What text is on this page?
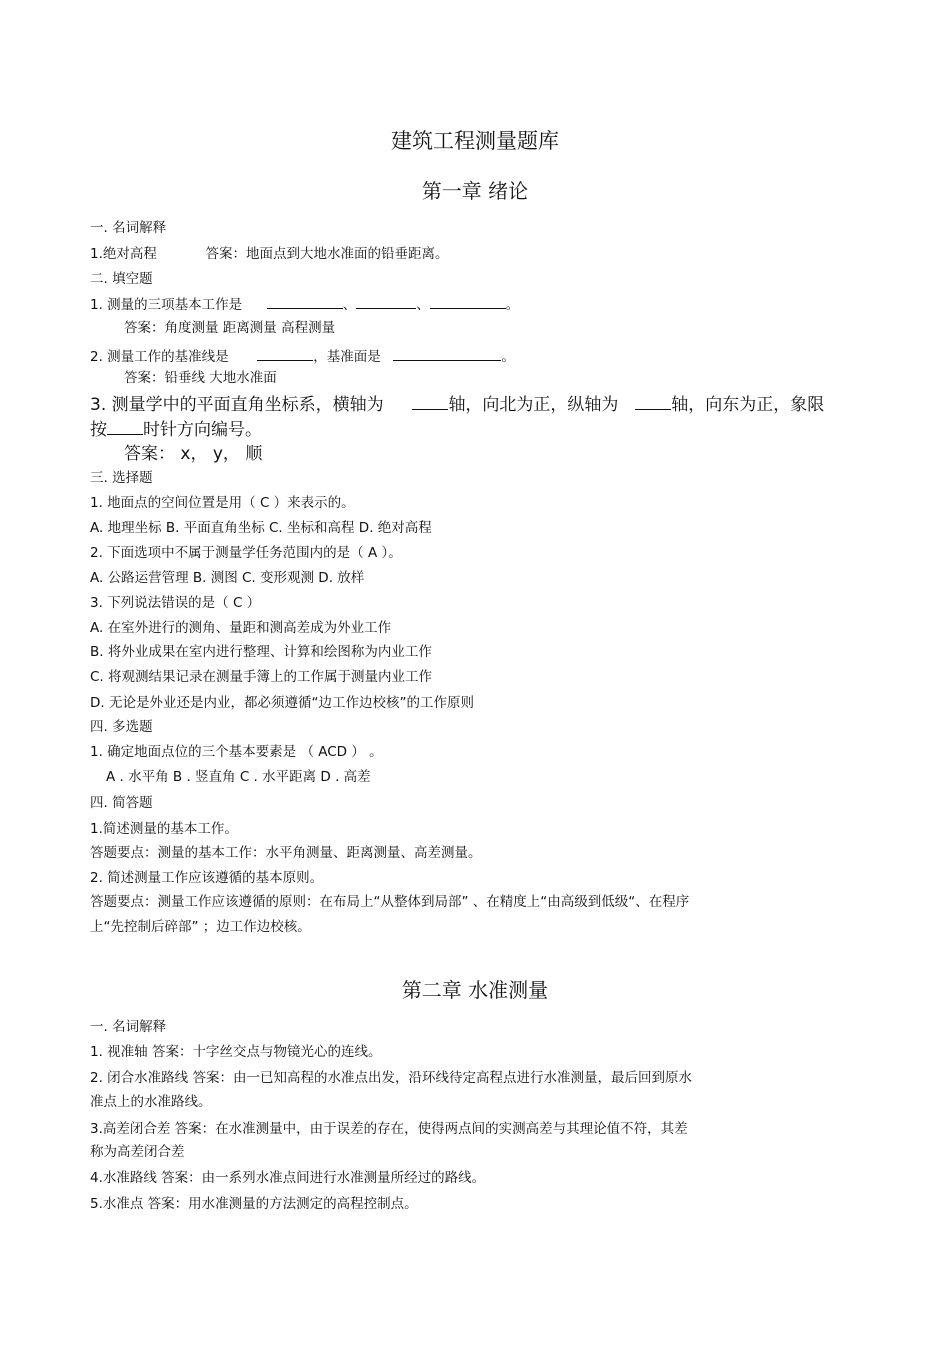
建筑工程测量题库
第一章 绪论
一. 名词解释
1.绝对高程	答案：地面点到大地水准面的铅垂距离。
二. 填空题
1. 测量的三项基本工作是	、	、	。
答案：角度测量 距离测量 高程测量
2. 测量工作的基准线是	，基准面是	。
答案：铅垂线 大地水准面
3. 测量学中的平面直角坐标系，横轴为	轴，向北为正，纵轴为	轴，向东为正，象限
按 时针方向编号。
答案： x， y， 顺
三. 选择题
1. 地面点的空间位置是用（ C ）来表示的。
A. 地理坐标 B. 平面直角坐标 C. 坐标和高程 D. 绝对高程
2. 下面选项中不属于测量学任务范围内的是（ A ）。
A. 公路运营管理 B. 测图 C. 变形观测 D. 放样
3. 下列说法错误的是（ C ）
A. 在室外进行的测角、量距和测高差成为外业工作
B. 将外业成果在室内进行整理、计算和绘图称为内业工作
C. 将观测结果记录在测量手簿上的工作属于测量内业工作
D. 无论是外业还是内业，都必须遵循“边工作边校核”的工作原则
四. 多选题
1. 确定地面点位的三个基本要素是 （ ACD ） 。
A . 水平角 B . 竖直角 C . 水平距离 D . 高差
四. 简答题
1.简述测量的基本工作。
答题要点：测量的基本工作：水平角测量、距离测量、高差测量。
2. 简述测量工作应该遵循的基本原则。
答题要点：测量工作应该遵循的原则：在布局上“从整体到局部” 、在精度上“由高级到低级“、在程序
上“先控制后碎部” ；边工作边校核。
第二章 水准测量
一. 名词解释
1. 视准轴 答案：十字丝交点与物镜光心的连线。
2. 闭合水准路线 答案：由一已知高程的水准点出发，沿环线待定高程点进行水准测量，最后回到原水
准点上的水准路线。
3.高差闭合差 答案：在水准测量中，由于误差的存在，使得两点间的实测高差与其理论值不符，其差
称为高差闭合差
4.水准路线 答案：由一系列水准点间进行水准测量所经过的路线。
5.水准点 答案：用水准测量的方法测定的高程控制点。
